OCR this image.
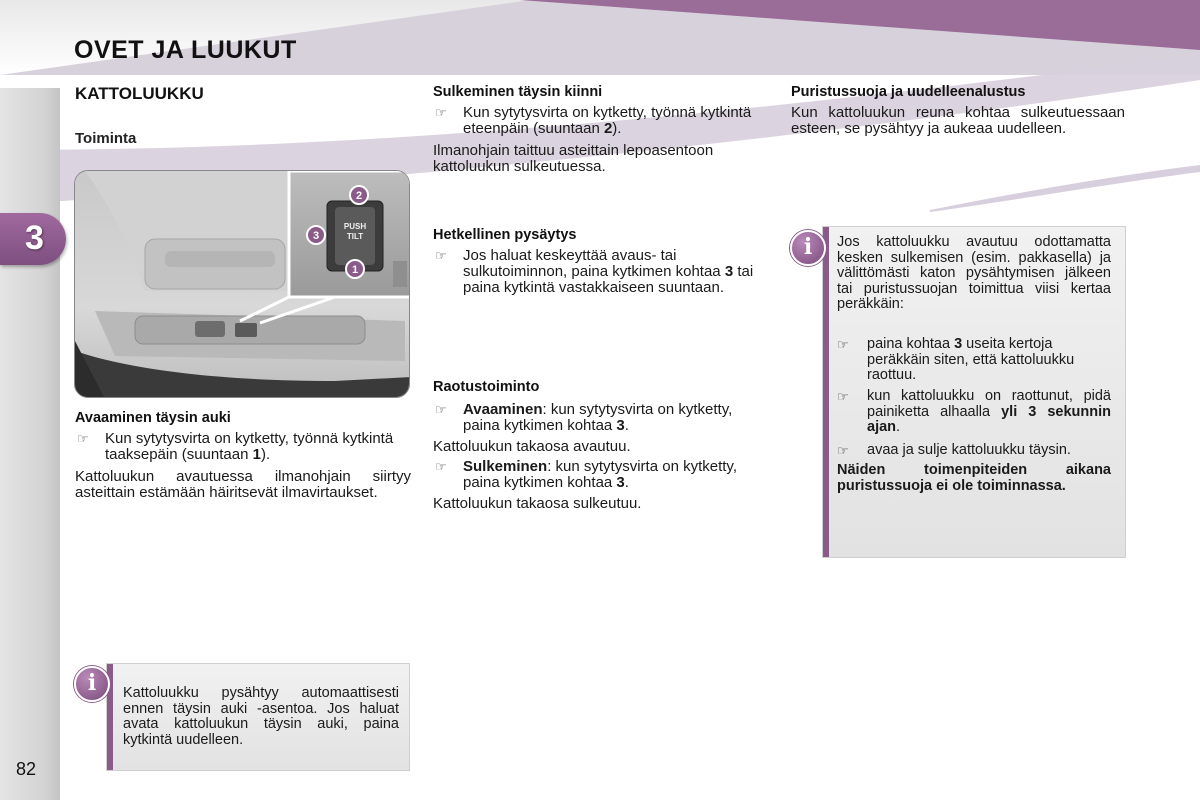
OVET JA LUUKUT
3
82
KATTOLUUKKU
Toiminta
PUSH
TILT
2
3
1
Avaaminen täysin auki
☞ Kun sytytysvirta on kytketty, työnnä kytkintä taaksepäin (suuntaan 1).
Kattoluukun avautuessa ilmanohjain siirtyy asteittain estämään häiritsevät ilmavirtaukset.
i	Kattoluukku pysähtyy automaattisesti ennen täysin auki -asentoa. Jos haluat avata kattoluukun täysin auki, paina kytkintä uudelleen.
Sulkeminen täysin kiinni
☞ Kun sytytysvirta on kytketty, työnnä kytkintä eteenpäin (suuntaan 2).
Ilmanohjain taittuu asteittain lepoasentoon kattoluukun sulkeutuessa.
Hetkellinen pysäytys
☞ Jos haluat keskeyttää avaus- tai sulkutoiminnon, paina kytkimen kohtaa 3 tai paina kytkintä vastakkaiseen suuntaan.
Raotustoiminto
☞ Avaaminen: kun sytytysvirta on kytketty, paina kytkimen kohtaa 3.
Kattoluukun takaosa avautuu.
☞ Sulkeminen: kun sytytysvirta on kytketty, paina kytkimen kohtaa 3.
Kattoluukun takaosa sulkeutuu.
Puristussuoja ja uudelleenalustus
Kun kattoluukun reuna kohtaa sulkeutuessaan esteen, se pysähtyy ja aukeaa uudelleen.
i	Jos kattoluukku avautuu odottamatta kesken sulkemisen (esim. pakkasella) ja välittömästi katon pysähtymisen jälkeen tai puristussuojan toimittua viisi kertaa peräkkäin:
☞ paina kohtaa 3 useita kertoja peräkkäin siten, että kattoluukku raottuu.
☞ kun kattoluukku on raottunut, pidä painiketta alhaalla yli 3 sekunnin ajan.
☞ avaa ja sulje kattoluukku täysin.
Näiden toimenpiteiden aikana puristussuoja ei ole toiminnassa.
